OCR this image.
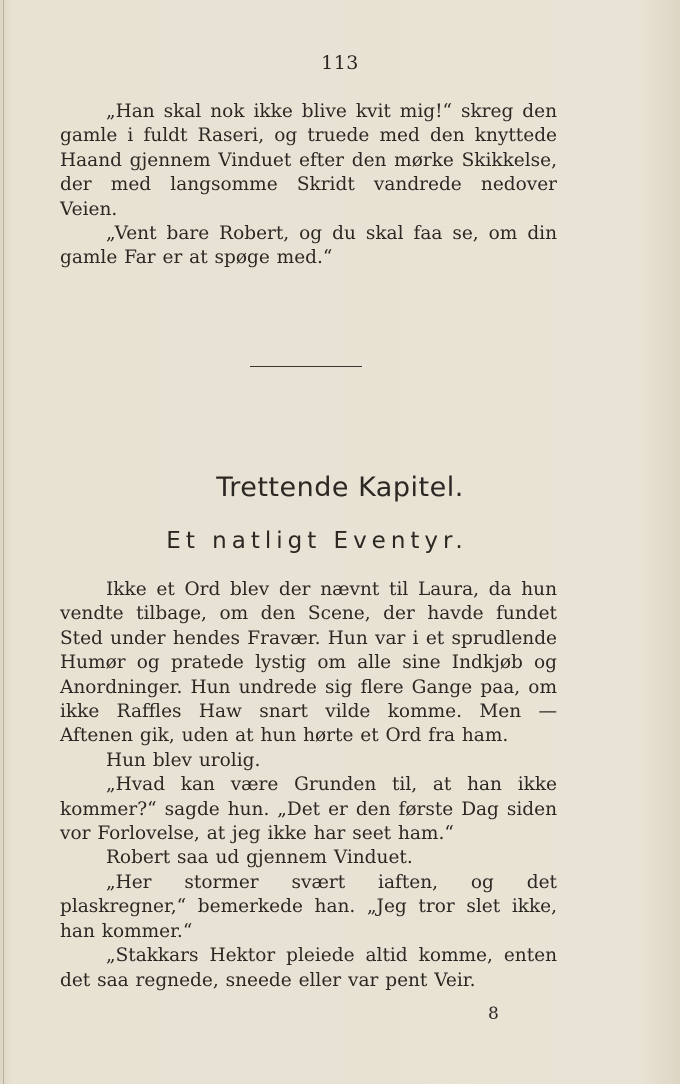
113

„Han skal nok ikke blive kvit mig!“ skreg den gamle i fuldt Raseri, og truede med den knyttede Haand gjennem Vinduet efter den mørke Skikkelse, der med langsomme Skridt vandrede nedover Veien.

„Vent bare Robert, og du skal faa se, om din gamle Far er at spøge med.“

Trettende Kapitel.
Et natligt Eventyr.

Ikke et Ord blev der nævnt til Laura, da hun vendte tilbage, om den Scene, der havde fundet Sted under hendes Fravær. Hun var i et sprudlende Humør og pratede lystig om alle sine Indkjøb og Anordninger. Hun undrede sig flere Gange paa, om ikke Raffles Haw snart vilde komme. Men — Aftenen gik, uden at hun hørte et Ord fra ham.

Hun blev urolig.

„Hvad kan være Grunden til, at han ikke kommer?“ sagde hun. „Det er den første Dag siden vor Forlovelse, at jeg ikke har seet ham.“

Robert saa ud gjennem Vinduet.

„Her stormer svært iaften, og det plaskregner,“ bemerkede han. „Jeg tror slet ikke, han kommer.“

„Stakkars Hektor pleiede altid komme, enten det saa regnede, sneede eller var pent Veir.

8
